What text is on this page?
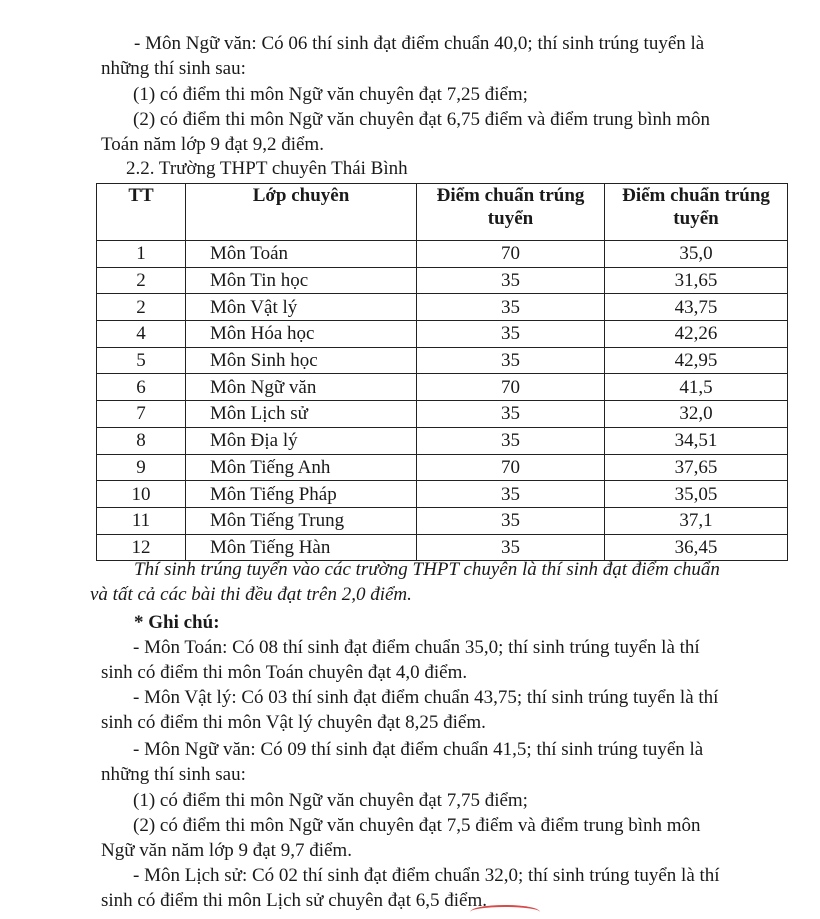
- Môn Ngữ văn: Có 06 thí sinh đạt điểm chuẩn 40,0; thí sinh trúng tuyển là
những thí sinh sau:
(1) có điểm thi môn Ngữ văn chuyên đạt 7,25 điểm;
(2) có điểm thi môn Ngữ văn chuyên đạt 6,75 điểm và điểm trung bình môn
Toán năm lớp 9 đạt 9,2 điểm.
2.2. Trường THPT chuyên Thái Bình
TT	Lớp chuyên	Điểm chuẩn trúng tuyển	Điểm chuẩn trúng tuyển
1	Môn Toán	70	35,0
2	Môn Tin học	35	31,65
2	Môn Vật lý	35	43,75
4	Môn Hóa học	35	42,26
5	Môn Sinh học	35	42,95
6	Môn Ngữ văn	70	41,5
7	Môn Lịch sử	35	32,0
8	Môn Địa lý	35	34,51
9	Môn Tiếng Anh	70	37,65
10	Môn Tiếng Pháp	35	35,05
11	Môn Tiếng Trung	35	37,1
12	Môn Tiếng Hàn	35	36,45
Thí sinh trúng tuyển vào các trường THPT chuyên là thí sinh đạt điểm chuẩn
và tất cả các bài thi đều đạt trên 2,0 điểm.
* Ghi chú:
- Môn Toán: Có 08 thí sinh đạt điểm chuẩn 35,0; thí sinh trúng tuyển là thí
sinh có điểm thi môn Toán chuyên đạt 4,0 điểm.
- Môn Vật lý: Có 03 thí sinh đạt điểm chuẩn 43,75; thí sinh trúng tuyển là thí
sinh có điểm thi môn Vật lý chuyên đạt 8,25 điểm.
- Môn Ngữ văn: Có 09 thí sinh đạt điểm chuẩn 41,5; thí sinh trúng tuyển là
những thí sinh sau:
(1) có điểm thi môn Ngữ văn chuyên đạt 7,75 điểm;
(2) có điểm thi môn Ngữ văn chuyên đạt 7,5 điểm và điểm trung bình môn
Ngữ văn năm lớp 9 đạt 9,7 điểm.
- Môn Lịch sử: Có 02 thí sinh đạt điểm chuẩn 32,0; thí sinh trúng tuyển là thí
sinh có điểm thi môn Lịch sử chuyên đạt 6,5 điểm.
